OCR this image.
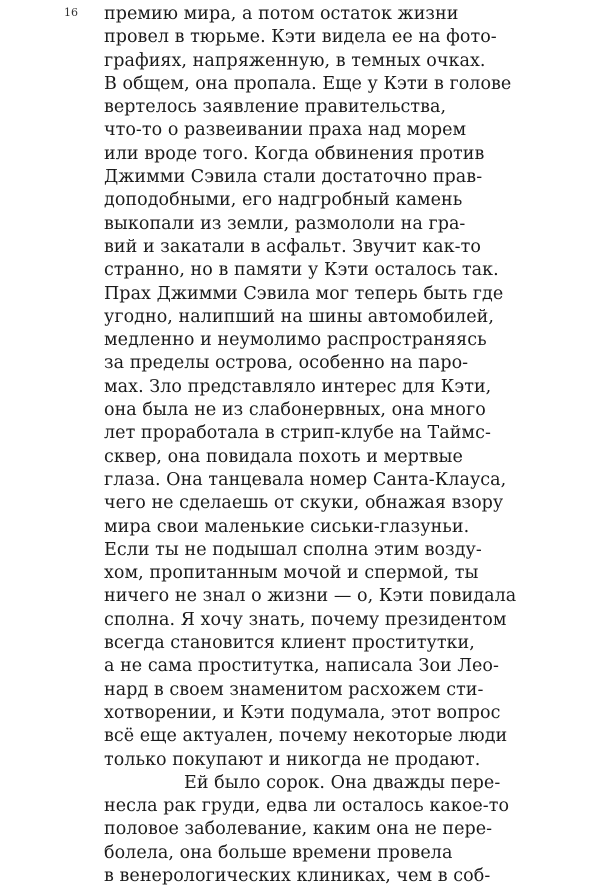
16 премию мира, а потом остаток жизни
провел в тюрьме. Кэти видела ее на фото-
графиях, напряженную, в темных очках.
В общем, она пропала. Еще у Кэти в голове
вертелось заявление правительства,
что-то о развеивании праха над морем
или вроде того. Когда обвинения против
Джимми Сэвила стали достаточно прав-
доподобными, его надгробный камень
выкопали из земли, размололи на гра-
вий и закатали в асфальт. Звучит как-то
странно, но в памяти у Кэти осталось так.
Прах Джимми Сэвила мог теперь быть где
угодно, налипший на шины автомобилей,
медленно и неумолимо распространяясь
за пределы острова, особенно на паро-
мах. Зло представляло интерес для Кэти,
она была не из слабонервных, она много
лет проработала в стрип-клубе на Таймс-
сквер, она повидала похоть и мертвые
глаза. Она танцевала номер Санта-Клауса,
чего не сделаешь от скуки, обнажая взору
мира свои маленькие сиськи-глазуньи.
Если ты не подышал сполна этим возду-
хом, пропитанным мочой и спермой, ты
ничего не знал о жизни — о, Кэти повидала
сполна. Я хочу знать, почему президентом
всегда становится клиент проститутки,
а не сама проститутка, написала Зои Лео-
нард в своем знаменитом расхожем сти-
хотворении, и Кэти подумала, этот вопрос
всё еще актуален, почему некоторые люди
только покупают и никогда не продают.
Ей было сорок. Она дважды пере-
несла рак груди, едва ли осталось какое-то
половое заболевание, каким она не пере-
болела, она больше времени провела
в венерологических клиниках, чем в соб-
